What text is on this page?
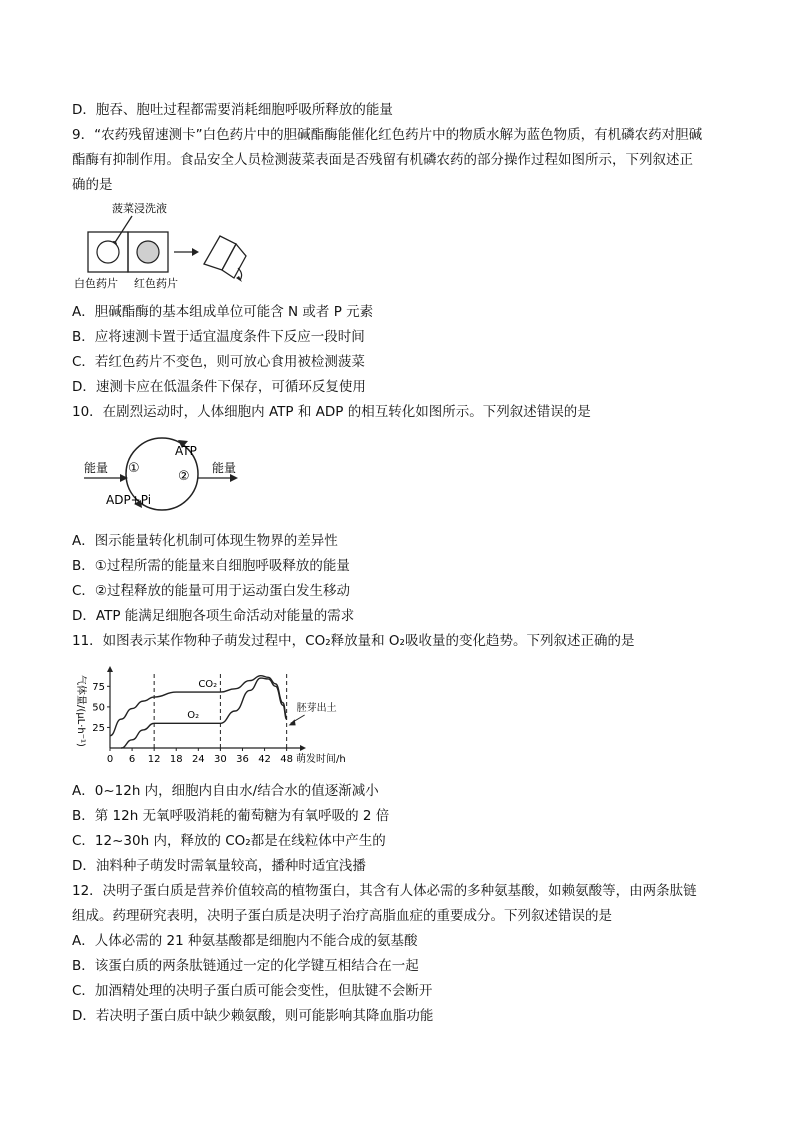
D．胞吞、胞吐过程都需要消耗细胞呼吸所释放的能量
9．“农药残留速测卡”白色药片中的胆碱酯酶能催化红色药片中的物质水解为蓝色物质，有机磷农药对胆碱
酯酶有抑制作用。食品安全人员检测菠菜表面是否残留有机磷农药的部分操作过程如图所示，下列叙述正
确的是
菠菜浸洗液
白色药片 红色药片
A．胆碱酯酶的基本组成单位可能含 N 或者 P 元素
B．应将速测卡置于适宜温度条件下反应一段时间
C．若红色药片不变色，则可放心食用被检测菠菜
D．速测卡应在低温条件下保存，可循环反复使用
10．在剧烈运动时，人体细胞内 ATP 和 ADP 的相互转化如图所示。下列叙述错误的是
ATP
ADP+Pi
①
②
能量	能量
A．图示能量转化机制可体现生物界的差异性
B．①过程所需的能量来自细胞呼吸释放的能量
C．②过程释放的能量可用于运动蛋白发生移动
D．ATP 能满足细胞各项生命活动对能量的需求
11．如图表示某作物种子萌发过程中，CO₂释放量和 O₂吸收量的变化趋势。下列叙述正确的是
气体量/(μL·h⁻¹) 25
50
75
0 6 12 18 24 30 36 42 48 萌发时间/h
CO₂
O₂
胚芽出土
A．0~12h 内，细胞内自由水/结合水的值逐渐减小
B．第 12h 无氧呼吸消耗的葡萄糖为有氧呼吸的 2 倍
C．12~30h 内，释放的 CO₂都是在线粒体中产生的
D．油料种子萌发时需氧量较高，播种时适宜浅播
12．决明子蛋白质是营养价值较高的植物蛋白，其含有人体必需的多种氨基酸，如赖氨酸等，由两条肽链
组成。药理研究表明，决明子蛋白质是决明子治疗高脂血症的重要成分。下列叙述错误的是
A．人体必需的 21 种氨基酸都是细胞内不能合成的氨基酸
B．该蛋白质的两条肽链通过一定的化学键互相结合在一起
C．加酒精处理的决明子蛋白质可能会变性，但肽键不会断开
D．若决明子蛋白质中缺少赖氨酸，则可能影响其降血脂功能
